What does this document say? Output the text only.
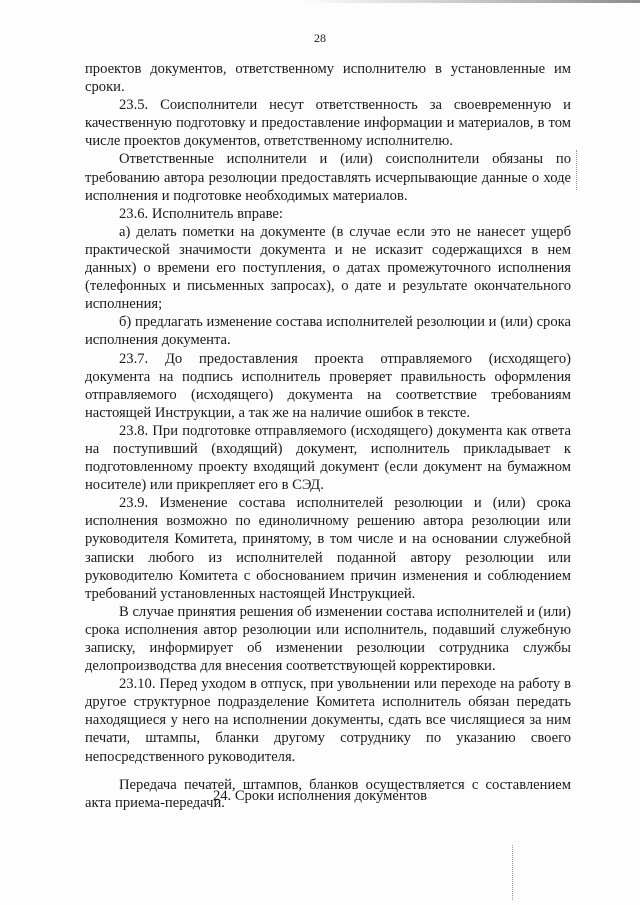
28

проектов документов, ответственному исполнителю в установленные им сроки.

23.5. Соисполнители несут ответственность за своевременную и качественную подготовку и предоставление информации и материалов, в том числе проектов документов, ответственному исполнителю.

Ответственные исполнители и (или) соисполнители обязаны по требованию автора резолюции предоставлять исчерпывающие данные о ходе исполнения и подготовке необходимых материалов.

23.6. Исполнитель вправе:

а) делать пометки на документе (в случае если это не нанесет ущерб практической значимости документа и не исказит содержащихся в нем данных) о времени его поступления, о датах промежуточного исполнения (телефонных и письменных запросах), о дате и результате окончательного исполнения;

б) предлагать изменение состава исполнителей резолюции и (или) срока исполнения документа.

23.7. До предоставления проекта отправляемого (исходящего) документа на подпись исполнитель проверяет правильность оформления отправляемого (исходящего) документа на соответствие требованиям настоящей Инструкции, а так же на наличие ошибок в тексте.

23.8. При подготовке отправляемого (исходящего) документа как ответа на поступивший (входящий) документ, исполнитель прикладывает к подготовленному проекту входящий документ (если документ на бумажном носителе) или прикрепляет его в СЭД.

23.9. Изменение состава исполнителей резолюции и (или) срока исполнения возможно по единоличному решению автора резолюции или руководителя Комитета, принятому, в том числе и на основании служебной записки любого из исполнителей поданной автору резолюции или руководителю Комитета с обоснованием причин изменения и соблюдением требований установленных настоящей Инструкцией.

В случае принятия решения об изменении состава исполнителей и (или) срока исполнения автор резолюции или исполнитель, подавший служебную записку, информирует об изменении резолюции сотрудника службы делопроизводства для внесения соответствующей корректировки.

23.10. Перед уходом в отпуск, при увольнении или переходе на работу в другое структурное подразделение Комитета исполнитель обязан передать находящиеся у него на исполнении документы, сдать все числящиеся за ним печати, штампы, бланки другому сотруднику по указанию своего непосредственного руководителя.

Передача печатей, штампов, бланков осуществляется с составлением акта приема-передачи.

24. Сроки исполнения документов
